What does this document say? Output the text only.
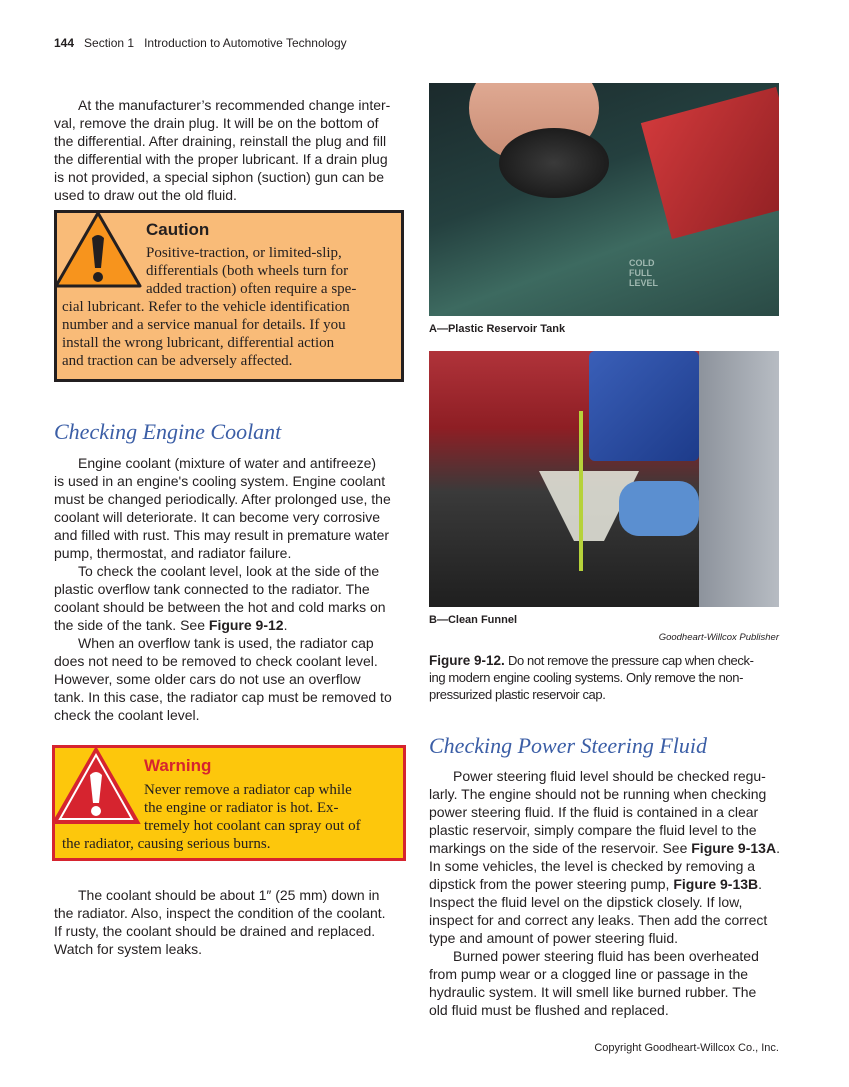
144 Section 1 Introduction to Automotive Technology
At the manufacturer’s recommended change inter-
val, remove the drain plug. It will be on the bottom of
the differential. After draining, reinstall the plug and fill
the differential with the proper lubricant. If a drain plug
is not provided, a special siphon (suction) gun can be
used to draw out the old fluid.
Caution
Positive-traction, or limited-slip,
differentials (both wheels turn for
added traction) often require a spe-
cial lubricant. Refer to the vehicle identification
number and a service manual for details. If you
install the wrong lubricant, differential action
and traction can be adversely affected.
Checking Engine Coolant
Engine coolant (mixture of water and antifreeze)
is used in an engine's cooling system. Engine coolant
must be changed periodically. After prolonged use, the
coolant will deteriorate. It can become very corrosive
and filled with rust. This may result in premature water
pump, thermostat, and radiator failure.
To check the coolant level, look at the side of the
plastic overflow tank connected to the radiator. The
coolant should be between the hot and cold marks on
the side of the tank. See Figure 9-12.
When an overflow tank is used, the radiator cap
does not need to be removed to check coolant level.
However, some older cars do not use an overflow
tank. In this case, the radiator cap must be removed to
check the coolant level.
Warning
Never remove a radiator cap while
the engine or radiator is hot. Ex-
tremely hot coolant can spray out of
the radiator, causing serious burns.
The coolant should be about 1″ (25 mm) down in
the radiator. Also, inspect the condition of the coolant.
If rusty, the coolant should be drained and replaced.
Watch for system leaks.
COLD FULL LEVEL
A—Plastic Reservoir Tank
B—Clean Funnel
Goodheart-Willcox Publisher
Figure 9-12. Do not remove the pressure cap when check-
ing modern engine cooling systems. Only remove the non-
pressurized plastic reservoir cap.
Checking Power Steering Fluid
Power steering fluid level should be checked regu-
larly. The engine should not be running when checking
power steering fluid. If the fluid is contained in a clear
plastic reservoir, simply compare the fluid level to the
markings on the side of the reservoir. See Figure 9-13A.
In some vehicles, the level is checked by removing a
dipstick from the power steering pump, Figure 9-13B.
Inspect the fluid level on the dipstick closely. If low,
inspect for and correct any leaks. Then add the correct
type and amount of power steering fluid.
Burned power steering fluid has been overheated
from pump wear or a clogged line or passage in the
hydraulic system. It will smell like burned rubber. The
old fluid must be flushed and replaced.
Copyright Goodheart-Willcox Co., Inc.
